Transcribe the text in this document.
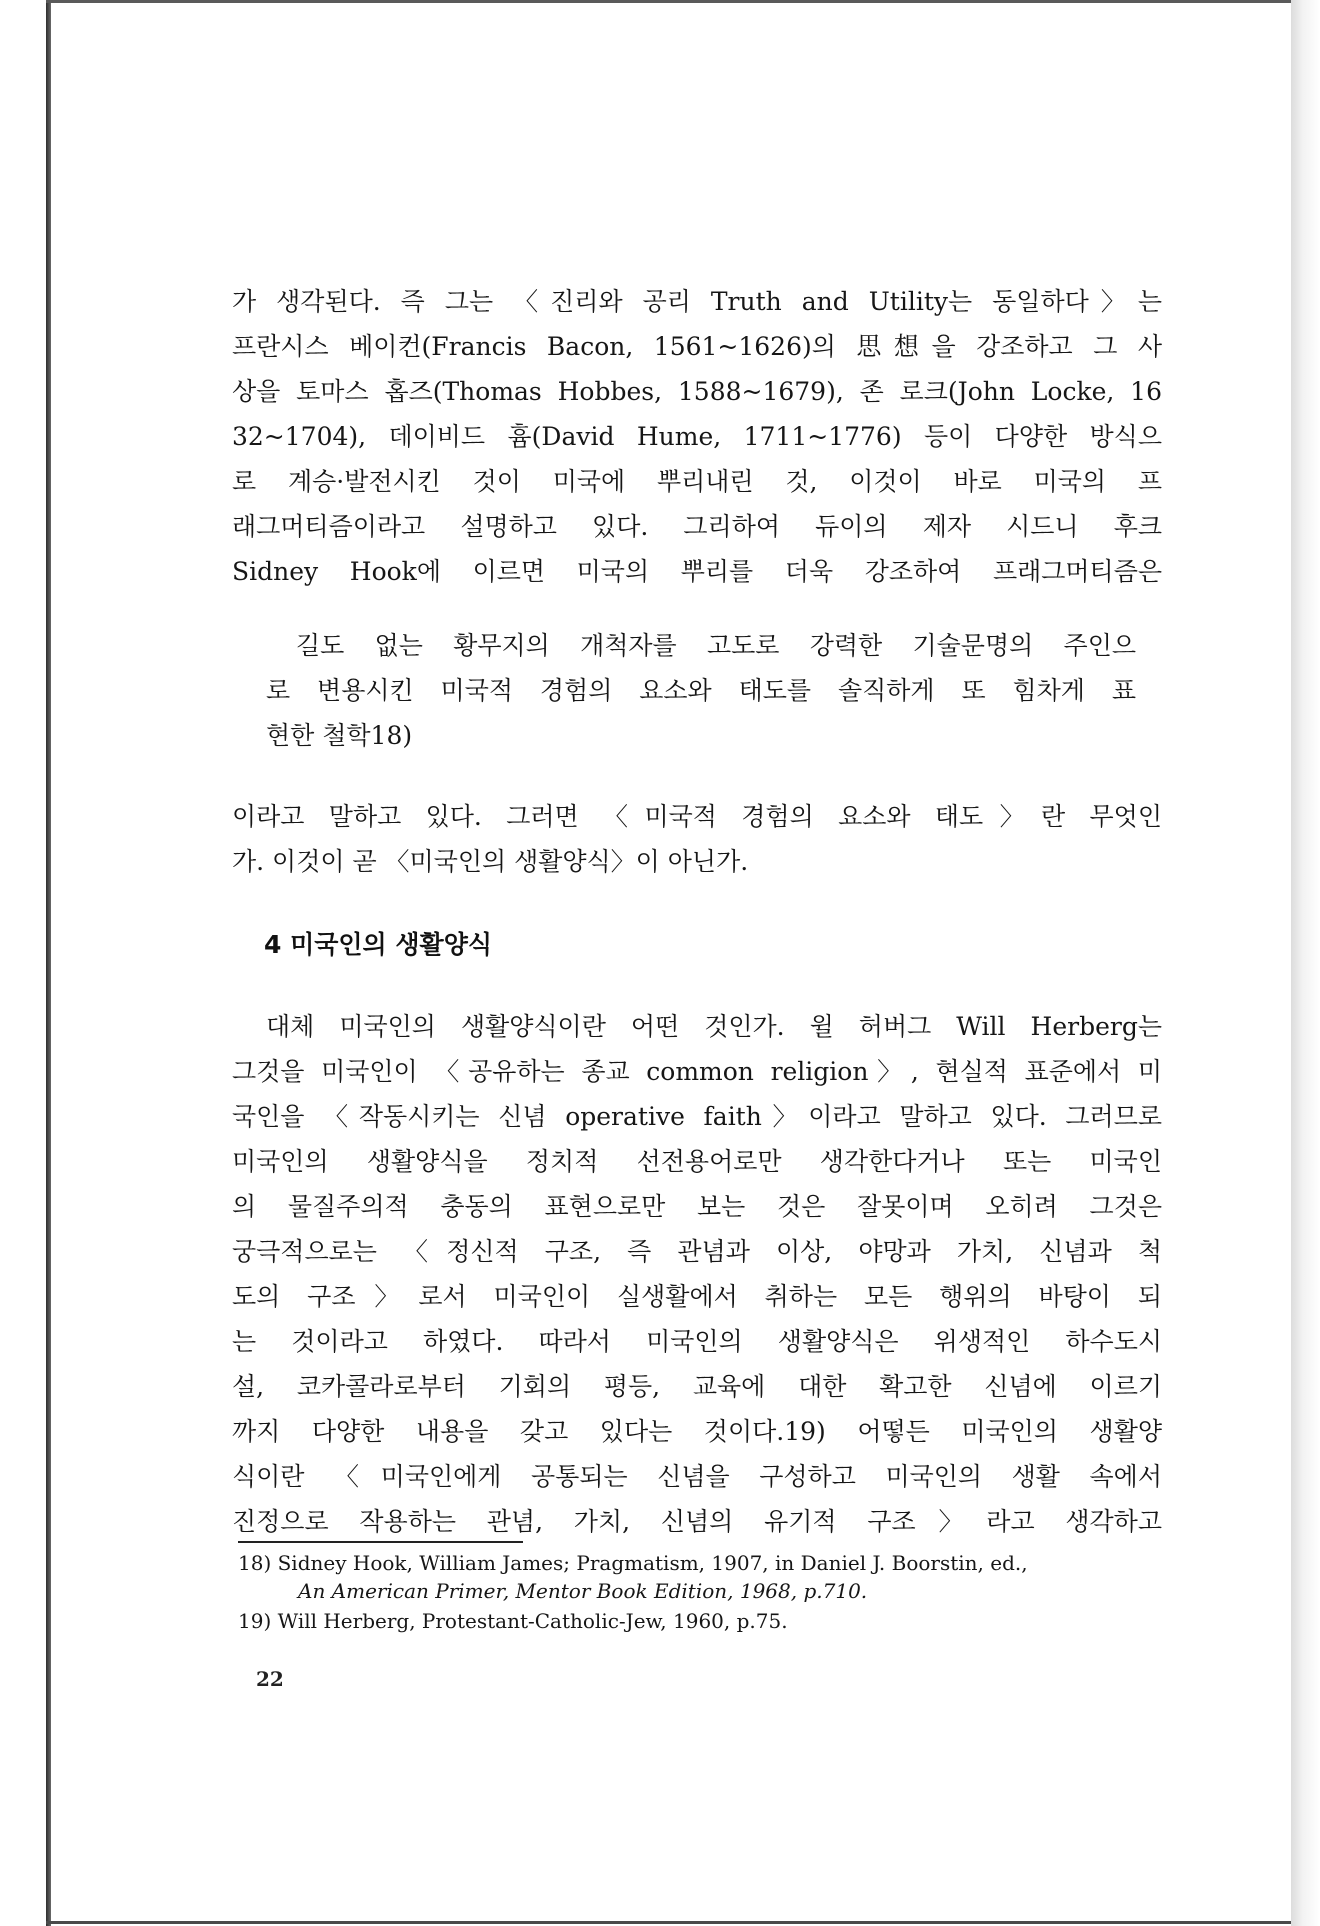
가 생각된다. 즉 그는 〈진리와 공리 Truth and Utility는 동일하다〉는
프란시스 베이컨(Francis Bacon, 1561~1626)의 思想을 강조하고 그 사
상을 토마스 홉즈(Thomas Hobbes, 1588~1679), 존 로크(John Locke, 16
32~1704), 데이비드 흄(David Hume, 1711~1776) 등이 다양한 방식으
로 계승·발전시킨 것이 미국에 뿌리내린 것, 이것이 바로 미국의 프
래그머티즘이라고 설명하고 있다. 그리하여 듀이의 제자 시드니 후크
Sidney Hook에 이르면 미국의 뿌리를 더욱 강조하여 프래그머티즘은
길도 없는 황무지의 개척자를 고도로 강력한 기술문명의 주인으
로 변용시킨 미국적 경험의 요소와 태도를 솔직하게 또 힘차게 표
현한 철학18)
이라고 말하고 있다. 그러면 〈미국적 경험의 요소와 태도〉란 무엇인
가. 이것이 곧 〈미국인의 생활양식〉이 아닌가.
4 미국인의 생활양식
대체 미국인의 생활양식이란 어떤 것인가. 윌 허버그 Will Herberg는
그것을 미국인이 〈공유하는 종교 common religion〉, 현실적 표준에서 미
국인을 〈작동시키는 신념 operative faith〉이라고 말하고 있다. 그러므로
미국인의 생활양식을 정치적 선전용어로만 생각한다거나 또는 미국인
의 물질주의적 충동의 표현으로만 보는 것은 잘못이며 오히려 그것은
궁극적으로는 〈정신적 구조, 즉 관념과 이상, 야망과 가치, 신념과 척
도의 구조〉로서 미국인이 실생활에서 취하는 모든 행위의 바탕이 되
는 것이라고 하였다. 따라서 미국인의 생활양식은 위생적인 하수도시
설, 코카콜라로부터 기회의 평등, 교육에 대한 확고한 신념에 이르기
까지 다양한 내용을 갖고 있다는 것이다.19) 어떻든 미국인의 생활양
식이란 〈미국인에게 공통되는 신념을 구성하고 미국인의 생활 속에서
진정으로 작용하는 관념, 가치, 신념의 유기적 구조〉라고 생각하고
18) Sidney Hook, William James; Pragmatism, 1907, in Daniel J. Boorstin, ed.,
An American Primer, Mentor Book Edition, 1968, p.710.
19) Will Herberg, Protestant-Catholic-Jew, 1960, p.75.
22
